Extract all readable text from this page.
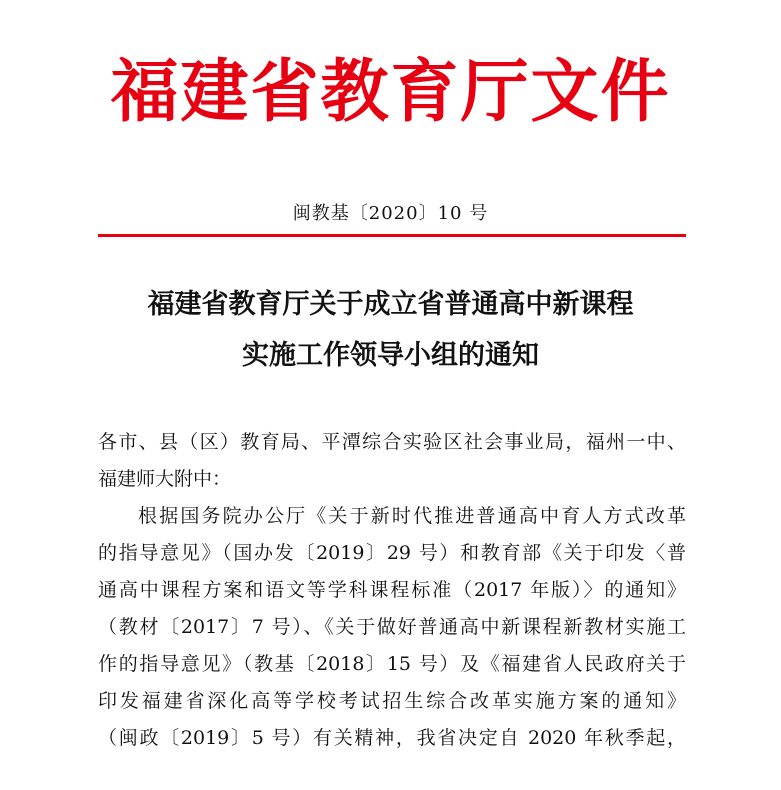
福建省教育厅文件
闽教基〔2020〕10 号
福建省教育厅关于成立省普通高中新课程
实施工作领导小组的通知
各市、县（区）教育局、平潭综合实验区社会事业局，福州一中、
福建师大附中：
根据国务院办公厅《关于新时代推进普通高中育人方式改革
的指导意见》（国办发〔2019〕29 号）和教育部《关于印发〈普
通高中课程方案和语文等学科课程标准（2017 年版）〉的通知》
（教材〔2017〕7 号）、《关于做好普通高中新课程新教材实施工
作的指导意见》（教基〔2018〕15 号）及《福建省人民政府关于
印发福建省深化高等学校考试招生综合改革实施方案的通知》
（闽政〔2019〕5 号）有关精神，我省决定自 2020 年秋季起，
